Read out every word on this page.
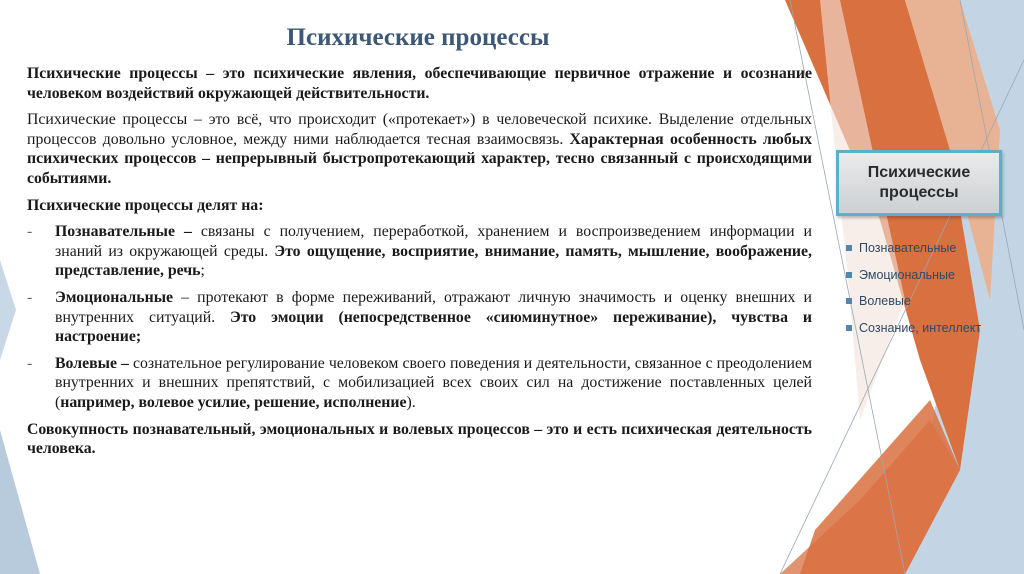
Психические процессы

Психические процессы – это психические явления, обеспечивающие первичное отражение и осознание человеком воздействий окружающей действительности.

Психические процессы – это всё, что происходит («протекает») в человеческой психике. Выделение отдельных процессов довольно условное, между ними наблюдается тесная взаимосвязь. Характерная особенность любых психических процессов – непрерывный быстропротекающий характер, тесно связанный с происходящими событиями.

Психические процессы делят на:

- Познавательные – связаны с получением, переработкой, хранением и воспроизведением информации и знаний из окружающей среды. Это ощущение, восприятие, внимание, память, мышление, воображение, представление, речь;
- Эмоциональные – протекают в форме переживаний, отражают личную значимость и оценку внешних и внутренних ситуаций. Это эмоции (непосредственное «сиюминутное» переживание), чувства и настроение;
- Волевые – сознательное регулирование человеком своего поведения и деятельности, связанное с преодолением внутренних и внешних препятствий, с мобилизацией всех своих сил на достижение поставленных целей (например, волевое усилие, решение, исполнение).

Совокупность познавательный, эмоциональных и волевых процессов – это и есть психическая деятельность человека.

Психические процессы
Познавательные
Эмоциональные
Волевые
Сознание, интеллект
